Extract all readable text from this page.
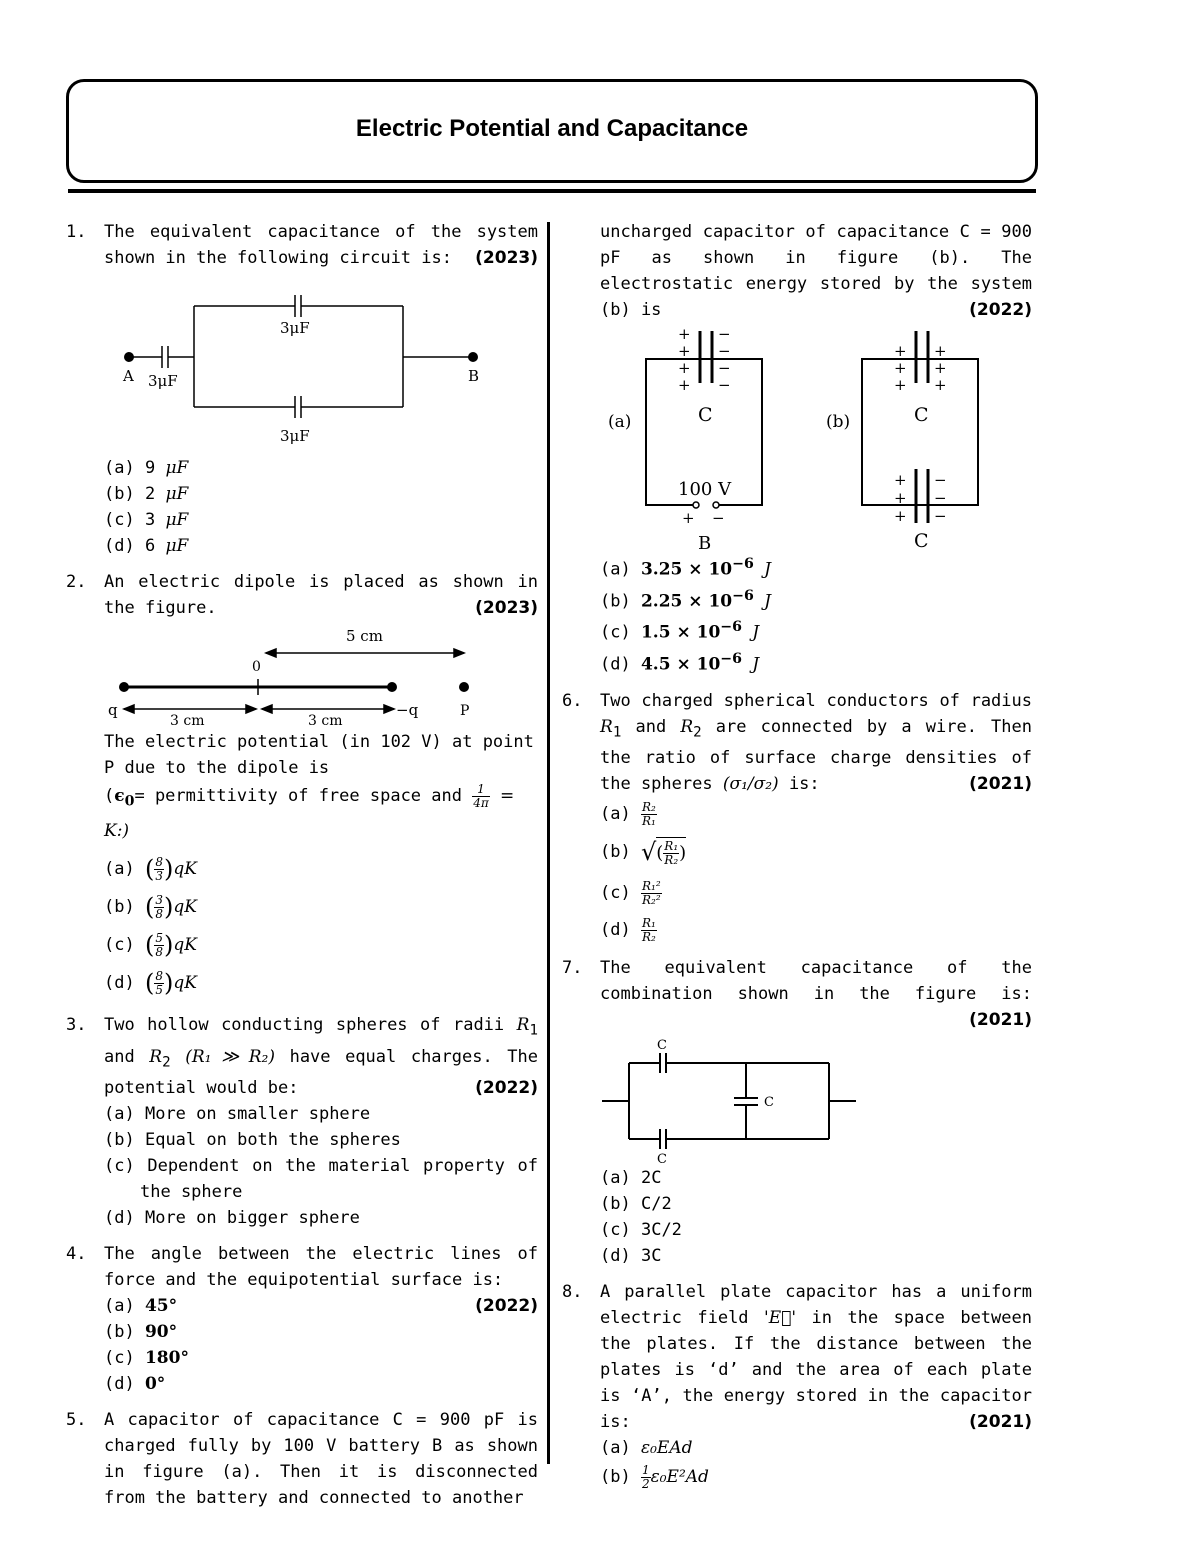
Electric Potential and Capacitance
1. The equivalent capacitance of the system shown in the following circuit is: (2023)
3μF
3μF
3μF
A	B
(a) 9 μF
(b) 2 μF
(c) 3 μF
(d) 6 μF
2. An electric dipole is placed as shown in the figure.	(2023)
5 cm
0
q	−q	P
3 cm	3 cm
The electric potential (in 102 V) at point P due to the dipole is
($\epsilon_0=$ permittivity of free space and $\frac{1}{4\pi}$ = K:)
(a) ( $\frac{8}{3} )qK$
(b) ( $\frac{3}{8} )qK$
(c) ( $\frac{5}{8} )qK$
(d) ( $\frac{8}{5} )qK$
3. Two hollow conducting spheres of radii $R_1$ and $R_2$ (R₁ ≫ R₂) have equal charges. The potential would be:	(2022)
(a) More on smaller sphere
(b) Equal on both the spheres
(c) Dependent on the material property of the sphere
(d) More on bigger sphere
4. The angle between the electric lines of force and the equipotential surface is:
(2022)
(a) 45°
(b) 90°
(c) 180°
(d) 0°
5. A capacitor of capacitance C = 900 pF is charged fully by 100 V battery B as shown in figure (a). Then it is disconnected from the battery and connected to another
uncharged capacitor of capacitance C = 900 pF as shown in figure (b). The electrostatic energy stored by the system (b) is	(2022)
+
+
+
+
−
−
−
−
+
+
+
+
+
+
+
+
+
−
−
−
+ −
(a)	(b)
C	C
C
100 V
B
(a) $3.25 \times 10^{-6}$ J
(b) $2.25 \times 10^{-6}$ J
(c) $1.5 \times 10^{-6}$ J
(d) $4.5 \times 10^{-6}$ J
6. Two charged spherical conductors of radius $R_1$ and $R_2$ are connected by a wire. Then the ratio of surface charge densities of the spheres (σ₁/σ₂) is:	(2021)
$(a) \frac{\text{R₂}}{\text{R₁}}$
(b) √( $\frac{\text{R₁}}{\text{R₂}}$ )
$(c) \frac{\text{R₁²}}{\text{R₂²}}$
$(d) \frac{\text{R₁}}{\text{R₂}}$
7. The equivalent capacitance of the combination shown in the figure is:
(2021)
C
C
C
(a) 2C
(b) C/2
(c) 3C/2
(d) 3C
8. A parallel plate capacitor has a uniform electric field 'E⃗' in the space between the plates. If the distance between the plates is ‘d’ and the area of each plate is ‘A’, the energy stored in the capacitor is:	(2021)
(a) ε₀EAd
$(b) \frac{1}{2} \varepsilon_0E^2Ad$
